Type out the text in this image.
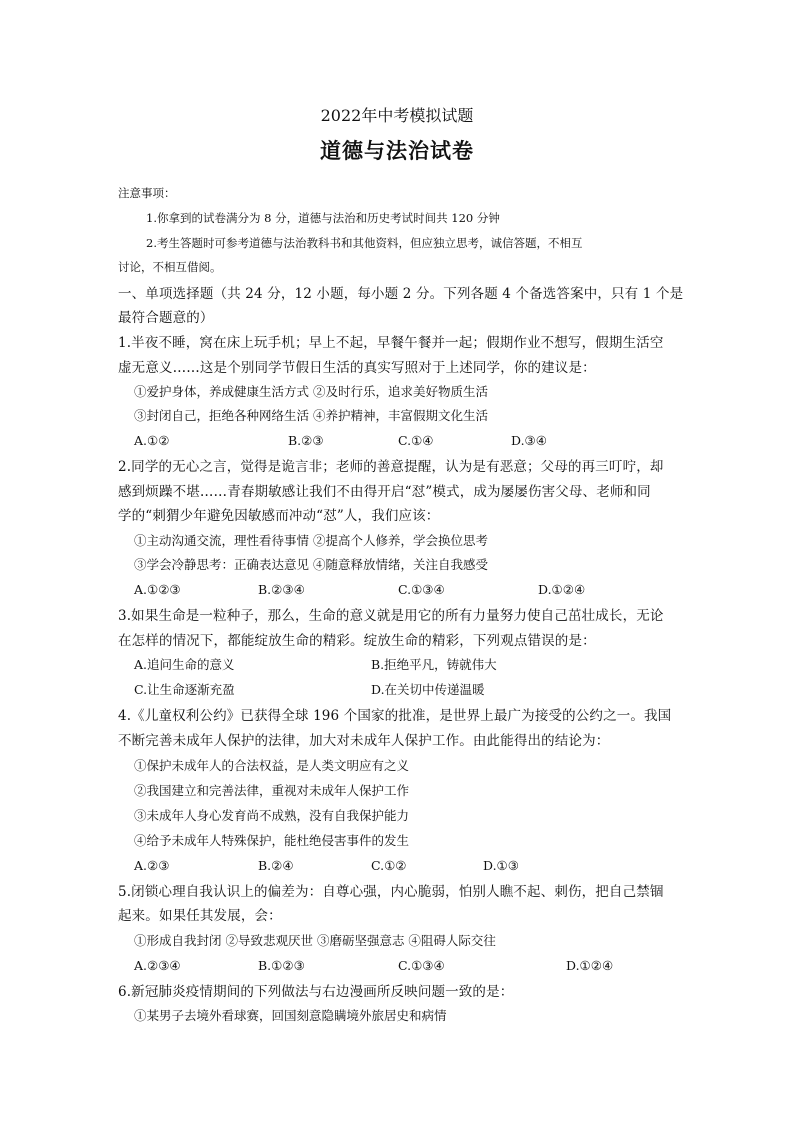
2022年中考模拟试题
道德与法治试卷
注意事项：
1.你拿到的试卷满分为 8 分，道德与法治和历史考试时间共 120 分钟
2.考生答题时可参考道德与法治教科书和其他资料，但应独立思考，诚信答题，不相互
讨论，不相互借阅。
一、单项选择题（共 24 分，12 小题，每小题 2 分。下列各题 4 个备选答案中，只有 1 个是
最符合题意的）
1.半夜不睡，窝在床上玩手机；早上不起，早餐午餐并一起；假期作业不想写，假期生活空
虚无意义……这是个别同学节假日生活的真实写照对于上述同学，你的建议是：
①爱护身体，养成健康生活方式 ②及时行乐，追求美好物质生活
③封闭自己，拒绝各种网络生活 ④养护精神，丰富假期文化生活
A.①②	B.②③	C.①④	D.③④
2.同学的无心之言，觉得是诡言非；老师的善意提醒，认为是有恶意；父母的再三叮咛，却
感到烦躁不堪……青春期敏感让我们不由得开启“怼”模式，成为屡屡伤害父母、老师和同
学的“刺猬少年避免因敏感而冲动“怼”人，我们应该：
①主动沟通交流，理性看待事情 ②提高个人修养，学会换位思考
③学会冷静思考：正确表达意见 ④随意释放情绪，关注自我感受
A.①②③	B.②③④	C.①③④	D.①②④
3.如果生命是一粒种子，那么，生命的意义就是用它的所有力量努力使自己茁壮成长，无论
在怎样的情况下，都能绽放生命的精彩。绽放生命的精彩，下列观点错误的是：
A.追问生命的意义	B.拒绝平凡，铸就伟大
C.让生命逐渐充盈	D.在关切中传递温暖
4.《儿童权利公约》已获得全球 196 个国家的批准，是世界上最广为接受的公约之一。我国
不断完善未成年人保护的法律，加大对未成年人保护工作。由此能得出的结论为：
①保护未成年人的合法权益，是人类文明应有之义
②我国建立和完善法律，重视对未成年人保护工作
③未成年人身心发育尚不成熟，没有自我保护能力
④给予未成年人特殊保护，能杜绝侵害事件的发生
A.②③	B.②④	C.①②	D.①③
5.闭锁心理自我认识上的偏差为：自尊心强，内心脆弱，怕别人瞧不起、刺伤，把自己禁锢
起来。如果任其发展，会：
①形成自我封闭 ②导致悲观厌世 ③磨砺坚强意志 ④阻碍人际交往
A.②③④	B.①②③	C.①③④	D.①②④
6.新冠肺炎疫情期间的下列做法与右边漫画所反映问题一致的是：
①某男子去境外看球赛，回国刻意隐瞒境外旅居史和病情
